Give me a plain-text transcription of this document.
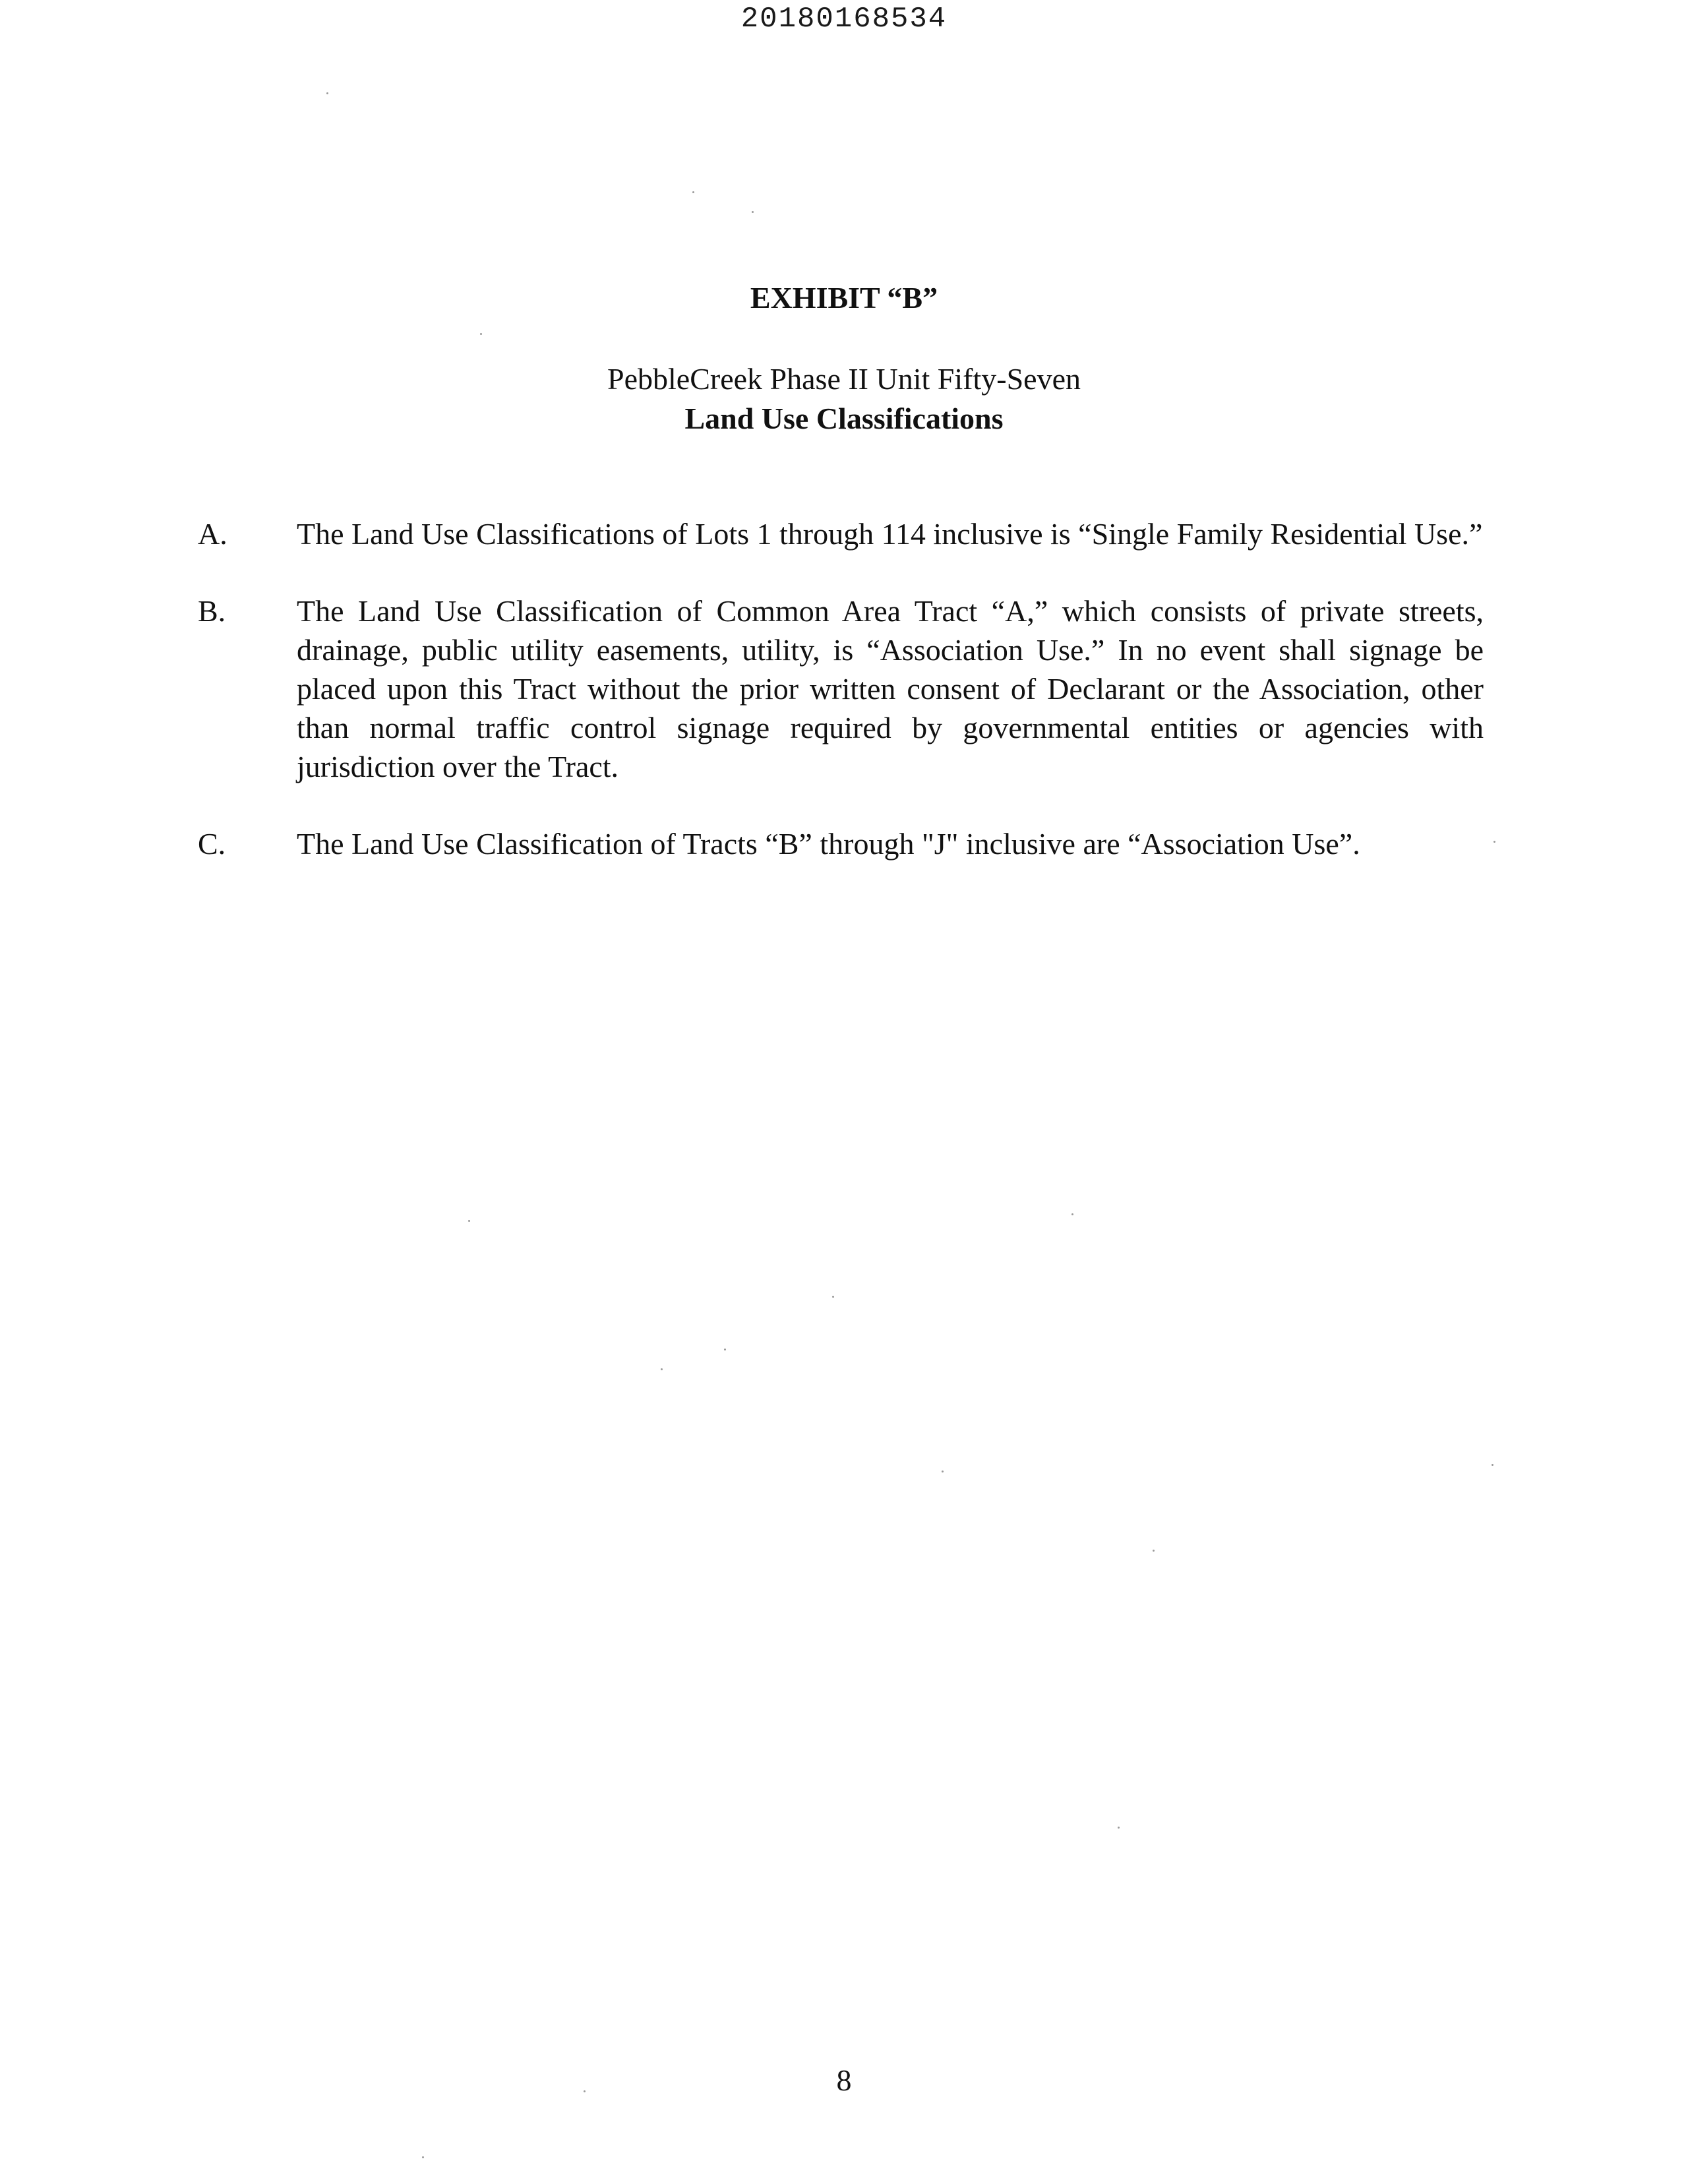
20180168534
EXHIBIT “B”
PebbleCreek Phase II Unit Fifty-Seven
Land Use Classifications
A.	The Land Use Classifications of Lots 1 through 114 inclusive is “Single Family Residential Use.”
B.	The Land Use Classification of Common Area Tract “A,” which consists of private streets, drainage, public utility easements, utility, is “Association Use.” In no event shall signage be placed upon this Tract without the prior written consent of Declarant or the Association, other than normal traffic control signage required by governmental entities or agencies with jurisdiction over the Tract.
C.	The Land Use Classification of Tracts “B” through "J" inclusive are “Association Use”.
8
